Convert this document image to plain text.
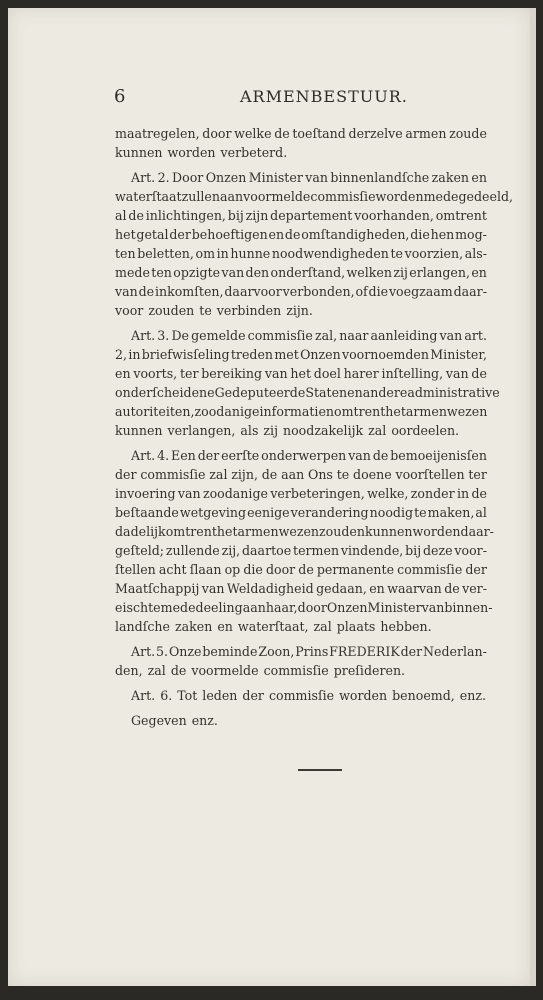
6	ARMENBESTUUR.
maatregelen, door welke de toeſtand derzelve armen zoude
kunnen worden verbeterd.
Art. 2. Door Onzen Minister van binnenlandſche zaken en
waterſtaat zullen aan voormelde commisſie worden medegedeeld,
al de inlichtingen, bij zijn departement voorhanden, omtrent
het getal der behoeftigen en de omſtandigheden, die hen mog-
ten beletten, om in hunne noodwendigheden te voorzien, als-
mede ten opzigte van den onderſtand, welken zij erlangen, en
van de inkomſten, daarvoor verbonden, of die voegzaam daar-
voor zouden te verbinden zijn.
Art. 3. De gemelde commisſie zal, naar aanleiding van art.
2, in briefwisſeling treden met Onzen voornoemden Minister,
en voorts, ter bereiking van het doel harer inſtelling, van de
onderſcheidene Gedeputeerde Staten en andere administrative
autoriteiten, zoodanige informatien omtrent het armenwezen
kunnen verlangen, als zij noodzakelijk zal oordeelen.
Art. 4. Een der eerſte onderwerpen van de bemoeijenisſen
der commisſie zal zijn, de aan Ons te doene voorſtellen ter
invoering van zoodanige verbeteringen, welke, zonder in de
beſtaande wetgeving eenige verandering noodig te maken, al
dadelijk omtrent het armenwezen zouden kunnen worden daar-
geſteld; zullende zij, daartoe termen vindende, bij deze voor-
ſtellen acht ſlaan op die door de permanente commisſie der
Maatſchappij van Weldadigheid gedaan, en waarvan de ver-
eischte mededeeling aan haar, door Onzen Minister van binnen-
landſche zaken en waterſtaat, zal plaats hebben.
Art. 5. Onze beminde Zoon, Prins FREDERIK der Nederlan-
den, zal de voormelde commisſie preſideren.
Art. 6. Tot leden der commisſie worden benoemd, enz.
Gegeven enz.
